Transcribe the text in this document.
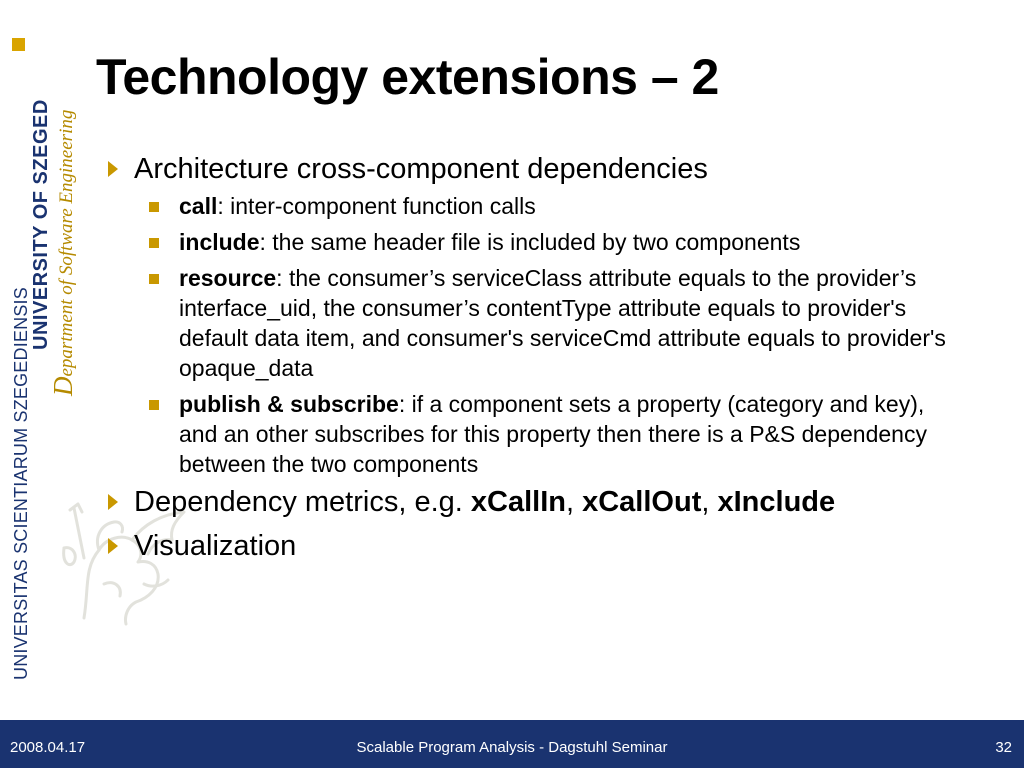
UNIVERSITAS SCIENTIARUM SZEGEDIENSIS
UNIVERSITY OF SZEGED
Department of Software Engineering
Technology extensions – 2
Architecture cross-component dependencies
call: inter-component function calls
include: the same header file is included by two components
resource: the consumer’s serviceClass attribute equals to the provider’s interface_uid, the consumer’s contentType attribute equals to provider's default data item, and consumer's serviceCmd attribute equals to provider's opaque_data
publish & subscribe: if a component sets a property (category and key), and an other subscribes for this property then there is a P&S dependency between the two components
Dependency metrics, e.g. xCallIn, xCallOut, xInclude
Visualization
2008.04.17	Scalable Program Analysis - Dagstuhl Seminar	32
